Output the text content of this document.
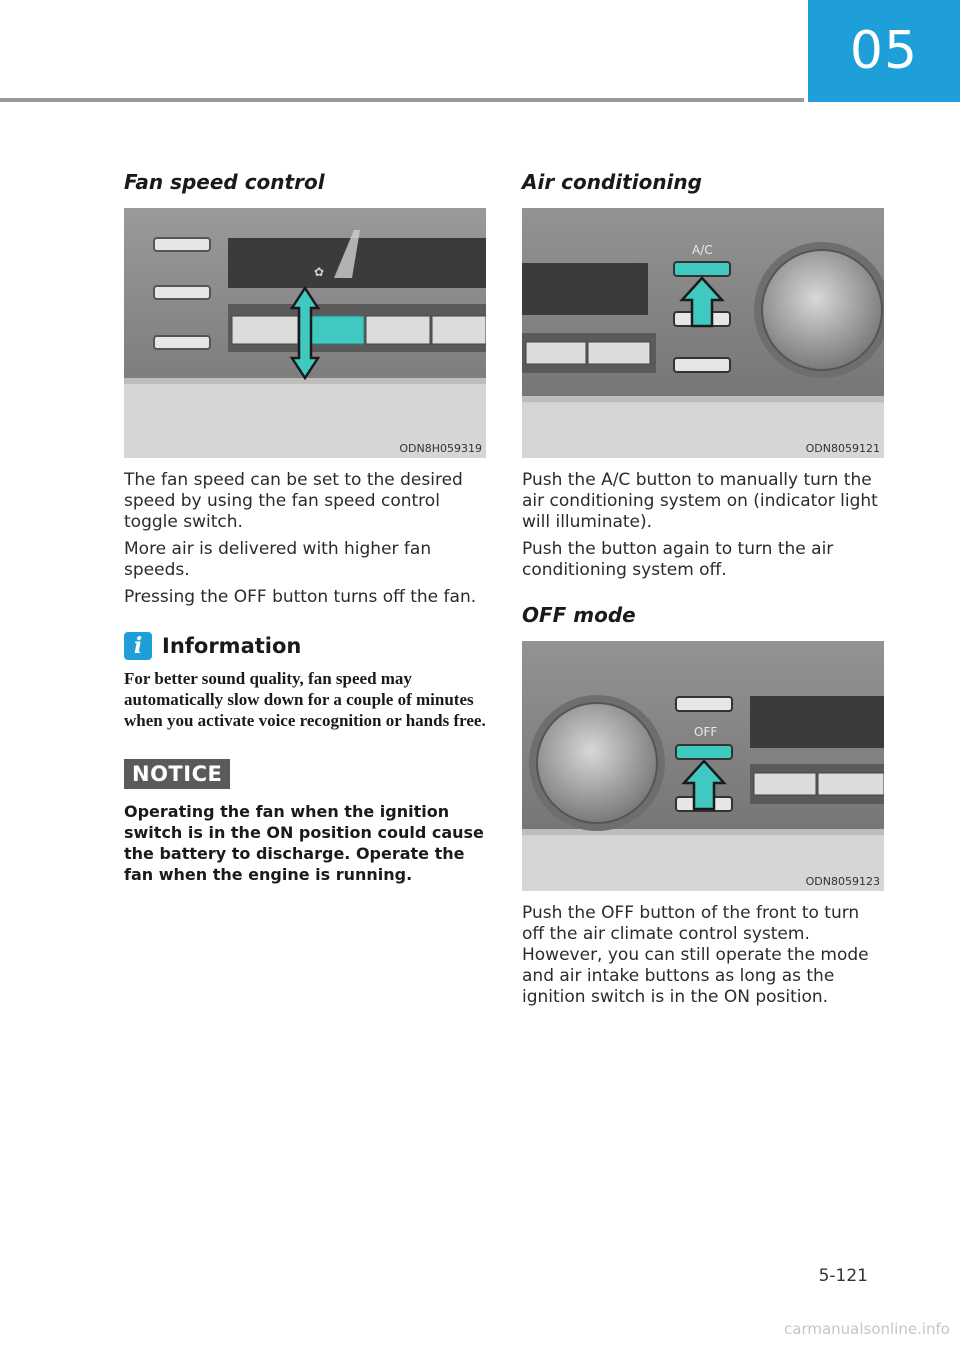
05
Fan speed control
✿
ODN8H059319

The fan speed can be set to the desired speed by using the fan speed control toggle switch.

More air is delivered with higher fan speeds.

Pressing the OFF button turns off the fan.

i Information

For better sound quality, fan speed may automatically slow down for a couple of minutes when you activate voice recognition or hands free.

NOTICE

Operating the fan when the ignition switch is in the ON position could cause the battery to discharge. Operate the fan when the engine is running.

Air conditioning
A/C
ODN8059121

Push the A/C button to manually turn the air conditioning system on (indicator light will illuminate).

Push the button again to turn the air conditioning system off.

OFF mode
OFF
ODN8059123

Push the OFF button of the front to turn off the air climate control system. However, you can still operate the mode and air intake buttons as long as the ignition switch is in the ON position.

5-121
carmanualsonline.info
